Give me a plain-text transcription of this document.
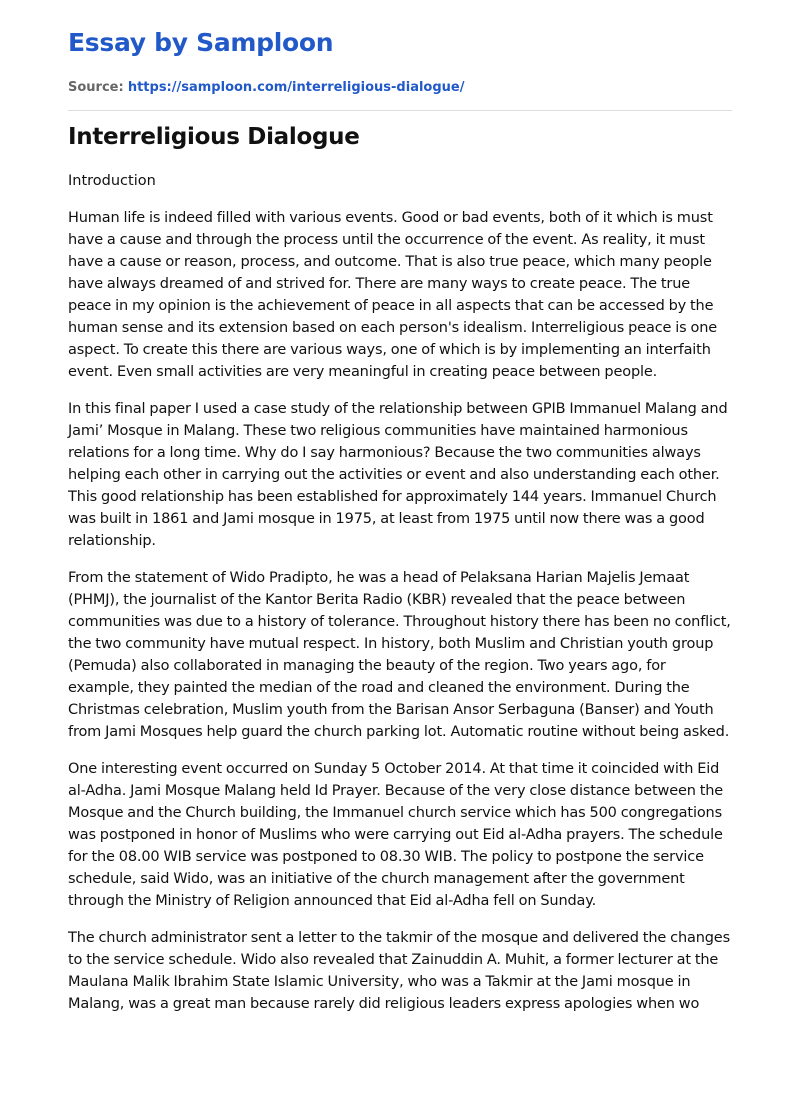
Essay by Samploon
Source: https://samploon.com/interreligious-dialogue/
Interreligious Dialogue
Introduction

Human life is indeed filled with various events. Good or bad events, both of it which is must have a cause and through the process until the occurrence of the event. As reality, it must have a cause or reason, process, and outcome. That is also true peace, which many people have always dreamed of and strived for. There are many ways to create peace. The true peace in my opinion is the achievement of peace in all aspects that can be accessed by the human sense and its extension based on each person's idealism. Interreligious peace is one aspect. To create this there are various ways, one of which is by implementing an interfaith event. Even small activities are very meaningful in creating peace between people.

In this final paper I used a case study of the relationship between GPIB Immanuel Malang and Jami’ Mosque in Malang. These two religious communities have maintained harmonious relations for a long time. Why do I say harmonious? Because the two communities always helping each other in carrying out the activities or event and also understanding each other. This good relationship has been established for approximately 144 years. Immanuel Church was built in 1861 and Jami mosque in 1975, at least from 1975 until now there was a good relationship.

From the statement of Wido Pradipto, he was a head of Pelaksana Harian Majelis Jemaat (PHMJ), the journalist of the Kantor Berita Radio (KBR) revealed that the peace between communities was due to a history of tolerance. Throughout history there has been no conflict, the two community have mutual respect. In history, both Muslim and Christian youth group (Pemuda) also collaborated in managing the beauty of the region. Two years ago, for example, they painted the median of the road and cleaned the environment. During the Christmas celebration, Muslim youth from the Barisan Ansor Serbaguna (Banser) and Youth from Jami Mosques help guard the church parking lot. Automatic routine without being asked.

One interesting event occurred on Sunday 5 October 2014. At that time it coincided with Eid al-Adha. Jami Mosque Malang held Id Prayer. Because of the very close distance between the Mosque and the Church building, the Immanuel church service which has 500 congregations was postponed in honor of Muslims who were carrying out Eid al-Adha prayers. The schedule for the 08.00 WIB service was postponed to 08.30 WIB. The policy to postpone the service schedule, said Wido, was an initiative of the church management after the government through the Ministry of Religion announced that Eid al-Adha fell on Sunday.

The church administrator sent a letter to the takmir of the mosque and delivered the changes to the service schedule. Wido also revealed that Zainuddin A. Muhit, a former lecturer at the Maulana Malik Ibrahim State Islamic University, who was a Takmir at the Jami mosque in Malang, was a great man because rarely did religious leaders express apologies when wo
